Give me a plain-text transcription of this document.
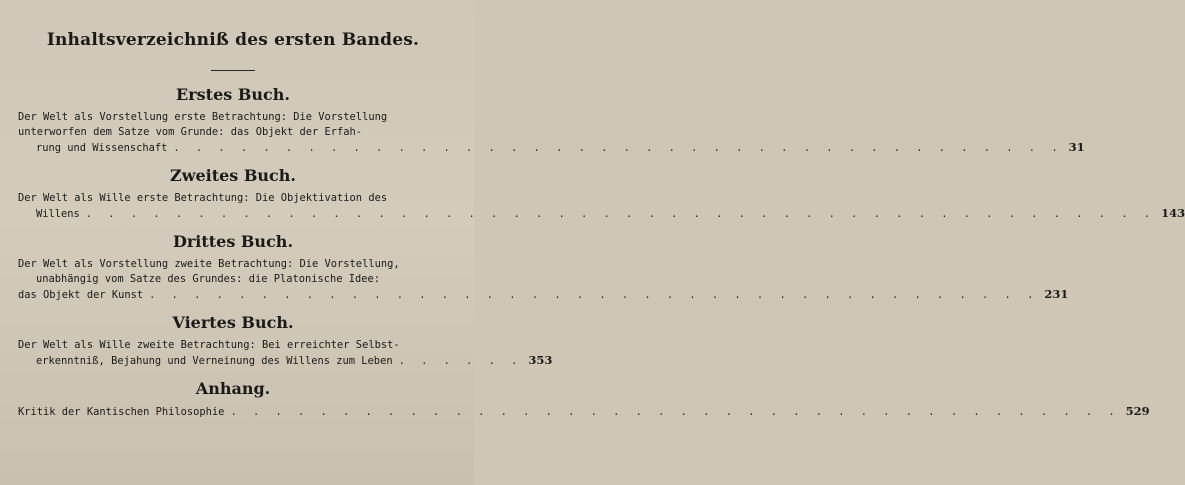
Inhaltsverzeichniß des ersten Bandes.
Erstes Buch.
Der Welt als Vorstellung erste Betrachtung: Die Vorstellung
unterworfen dem Satze vom Grunde: das Objekt der Erfah-
rung und Wissenschaft . . . . . . . . . . . . . . . . . . . . . . . . . . . . . . . . . . . . . . . . 31
Zweites Buch.
Der Welt als Wille erste Betrachtung: Die Objektivation des
Willens . . . . . . . . . . . . . . . . . . . . . . . . . . . . . . . . . . . . . . . . . . . . . . . . 143
Drittes Buch.
Der Welt als Vorstellung zweite Betrachtung: Die Vorstellung,
unabhängig vom Satze des Grundes: die Platonische Idee:
das Objekt der Kunst . . . . . . . . . . . . . . . . . . . . . . . . . . . . . . . . . . . . . . . . 231
Viertes Buch.
Der Welt als Wille zweite Betrachtung: Bei erreichter Selbst-
erkenntniß, Bejahung und Verneinung des Willens zum Leben . . . . . . 353
Anhang.
Kritik der Kantischen Philosophie . . . . . . . . . . . . . . . . . . . . . . . . . . . . . . . . . . . . . . . . 529
